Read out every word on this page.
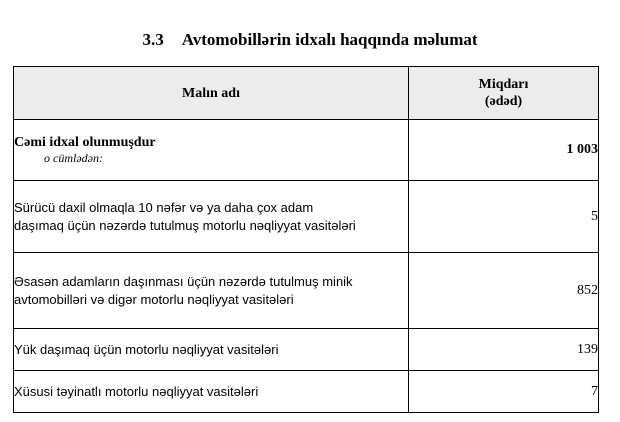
3.3 Avtomobillərin idxalı haqqında məlumat
Malın adı	Miqdarı
(ədəd)
Cəmi idxal olunmuşdur
o cümlədən:	1 003
Sürücü daxil olmaqla 10 nəfər və ya daha çox adam
daşımaq üçün nəzərdə tutulmuş motorlu nəqliyyat vasitələri	5
Əsasən adamların daşınması üçün nəzərdə tutulmuş minik
avtomobilləri və digər motorlu nəqliyyat vasitələri	852
Yük daşımaq üçün motorlu nəqliyyat vasitələri	139
Xüsusi təyinatlı motorlu nəqliyyat vasitələri	7
